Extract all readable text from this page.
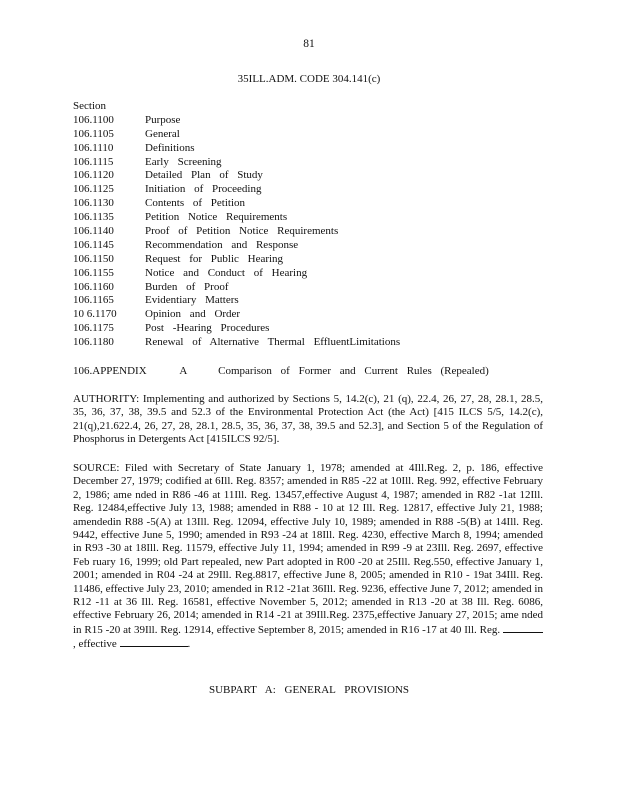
81
35ILL.ADM. CODE 304.141(c)
Section
106.1100	Purpose
106.1105	General
106.1110	Definitions
106.1115	Early Screening
106.1120	Detailed Plan of Study
106.1125	Initiation of Proceeding
106.1130	Contents of Petition
106.1135	Petition Notice Requirements
106.1140	Proof of Petition Notice Requirements
106.1145	Recommendation and Response
106.1150	Request for Public Hearing
106.1155	Notice and Conduct of Hearing
106.1160	Burden of Proof
106.1165	Evidentiary Matters
10 6.1170	Opinion and Order
106.1175	Post -Hearing Procedures
106.1180	Renewal of Alternative Thermal EffluentLimitations
106.APPENDIX	A	Comparison of Former and Current Rules (Repealed)
AUTHORITY: Implementing and authorized by Sections 5, 14.2(c), 21 (q), 22.4, 26, 27, 28, 28.1, 28.5, 35, 36, 37, 38, 39.5 and 52.3 of the Environmental Protection Act (the Act) [415 ILCS 5/5, 14.2(c), 21(q),21.622.4, 26, 27, 28, 28.1, 28.5, 35, 36, 37, 38, 39.5 and 52.3], and Section 5 of the Regulation of Phosphorus in Detergents Act [415ILCS 92/5].
SOURCE: Filed with Secretary of State January 1, 1978; amended at 4Ill.Reg. 2, p. 186, effective December 27, 1979; codified at 6Ill. Reg. 8357; amended in R85 -22 at 10Ill. Reg. 992, effective February 2, 1986; ame nded in R86 -46 at 11Ill. Reg. 13457,effective August 4, 1987; amended in R82 -1at 12Ill. Reg. 12484,effective July 13, 1988; amended in R88 - 10 at 12 Ill. Reg. 12817, effective July 21, 1988; amendedin R88 -5(A) at 13Ill. Reg. 12094, effective July 10, 1989; amended in R88 -5(B) at 14Ill. Reg. 9442, effective June 5, 1990; amended in R93 -24 at 18Ill. Reg. 4230, effective March 8, 1994; amended in R93 -30 at 18Ill. Reg. 11579, effective July 11, 1994; amended in R99 -9 at 23Ill. Reg. 2697, effective Feb ruary 16, 1999; old Part repealed, new Part adopted in R00 -20 at 25Ill. Reg.550, effective January 1, 2001; amended in R04 -24 at 29Ill. Reg.8817, effective June 8, 2005; amended in R10 - 19at 34Ill. Reg. 11486, effective July 23, 2010; amended in R12 -21at 36Ill. Reg. 9236, effective June 7, 2012; amended in R12 -11 at 36 Ill. Reg. 16581, effective November 5, 2012; amended in R13 -20 at 38 Ill. Reg. 6086, effective February 26, 2014; amended in R14 -21 at 39Ill.Reg. 2375,effective January 27, 2015; ame nded in R15 -20 at 39Ill. Reg. 12914, effective September 8, 2015; amended in R16 -17 at 40 Ill. Reg. , effective	.
SUBPART A: GENERAL PROVISIONS
